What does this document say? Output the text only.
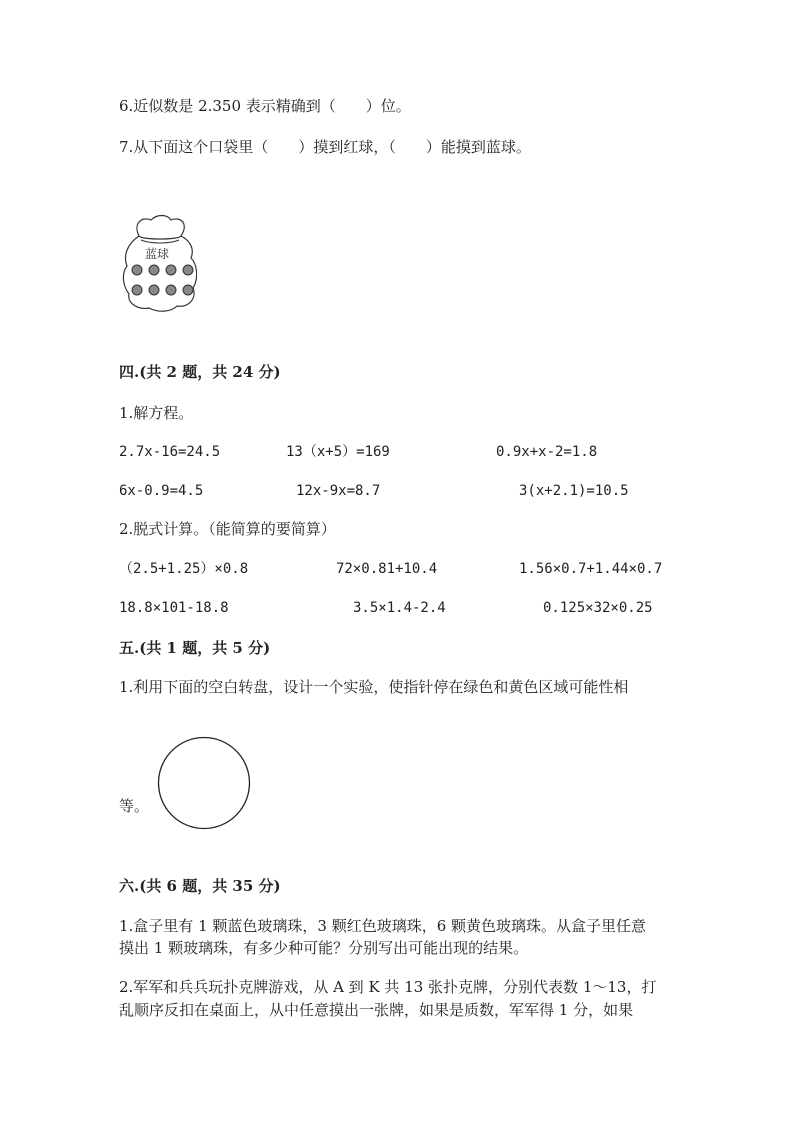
6.近似数是 2.350 表示精确到（　　）位。
7.从下面这个口袋里（　　）摸到红球，（　　）能摸到蓝球。
蓝球
四.(共 2 题，共 24 分)
1.解方程。
2.7x-16=24.5	13（x+5）=169	0.9x+x-2=1.8
6x-0.9=4.5	12x-9x=8.7	3(x+2.1)=10.5
2.脱式计算。（能简算的要简算）
（2.5+1.25）×0.8	72×0.81+10.4	1.56×0.7+1.44×0.7
18.8×101-18.8	3.5×1.4-2.4	0.125×32×0.25
五.(共 1 题，共 5 分)
1.利用下面的空白转盘，设计一个实验，使指针停在绿色和黄色区域可能性相
等。
六.(共 6 题，共 35 分)
1.盒子里有 1 颗蓝色玻璃珠，3 颗红色玻璃珠，6 颗黄色玻璃珠。从盒子里任意
摸出 1 颗玻璃珠，有多少种可能？分别写出可能出现的结果。
2.军军和兵兵玩扑克牌游戏，从 A 到 K 共 13 张扑克牌，分别代表数 1～13，打
乱顺序反扣在桌面上，从中任意摸出一张牌，如果是质数，军军得 1 分，如果
